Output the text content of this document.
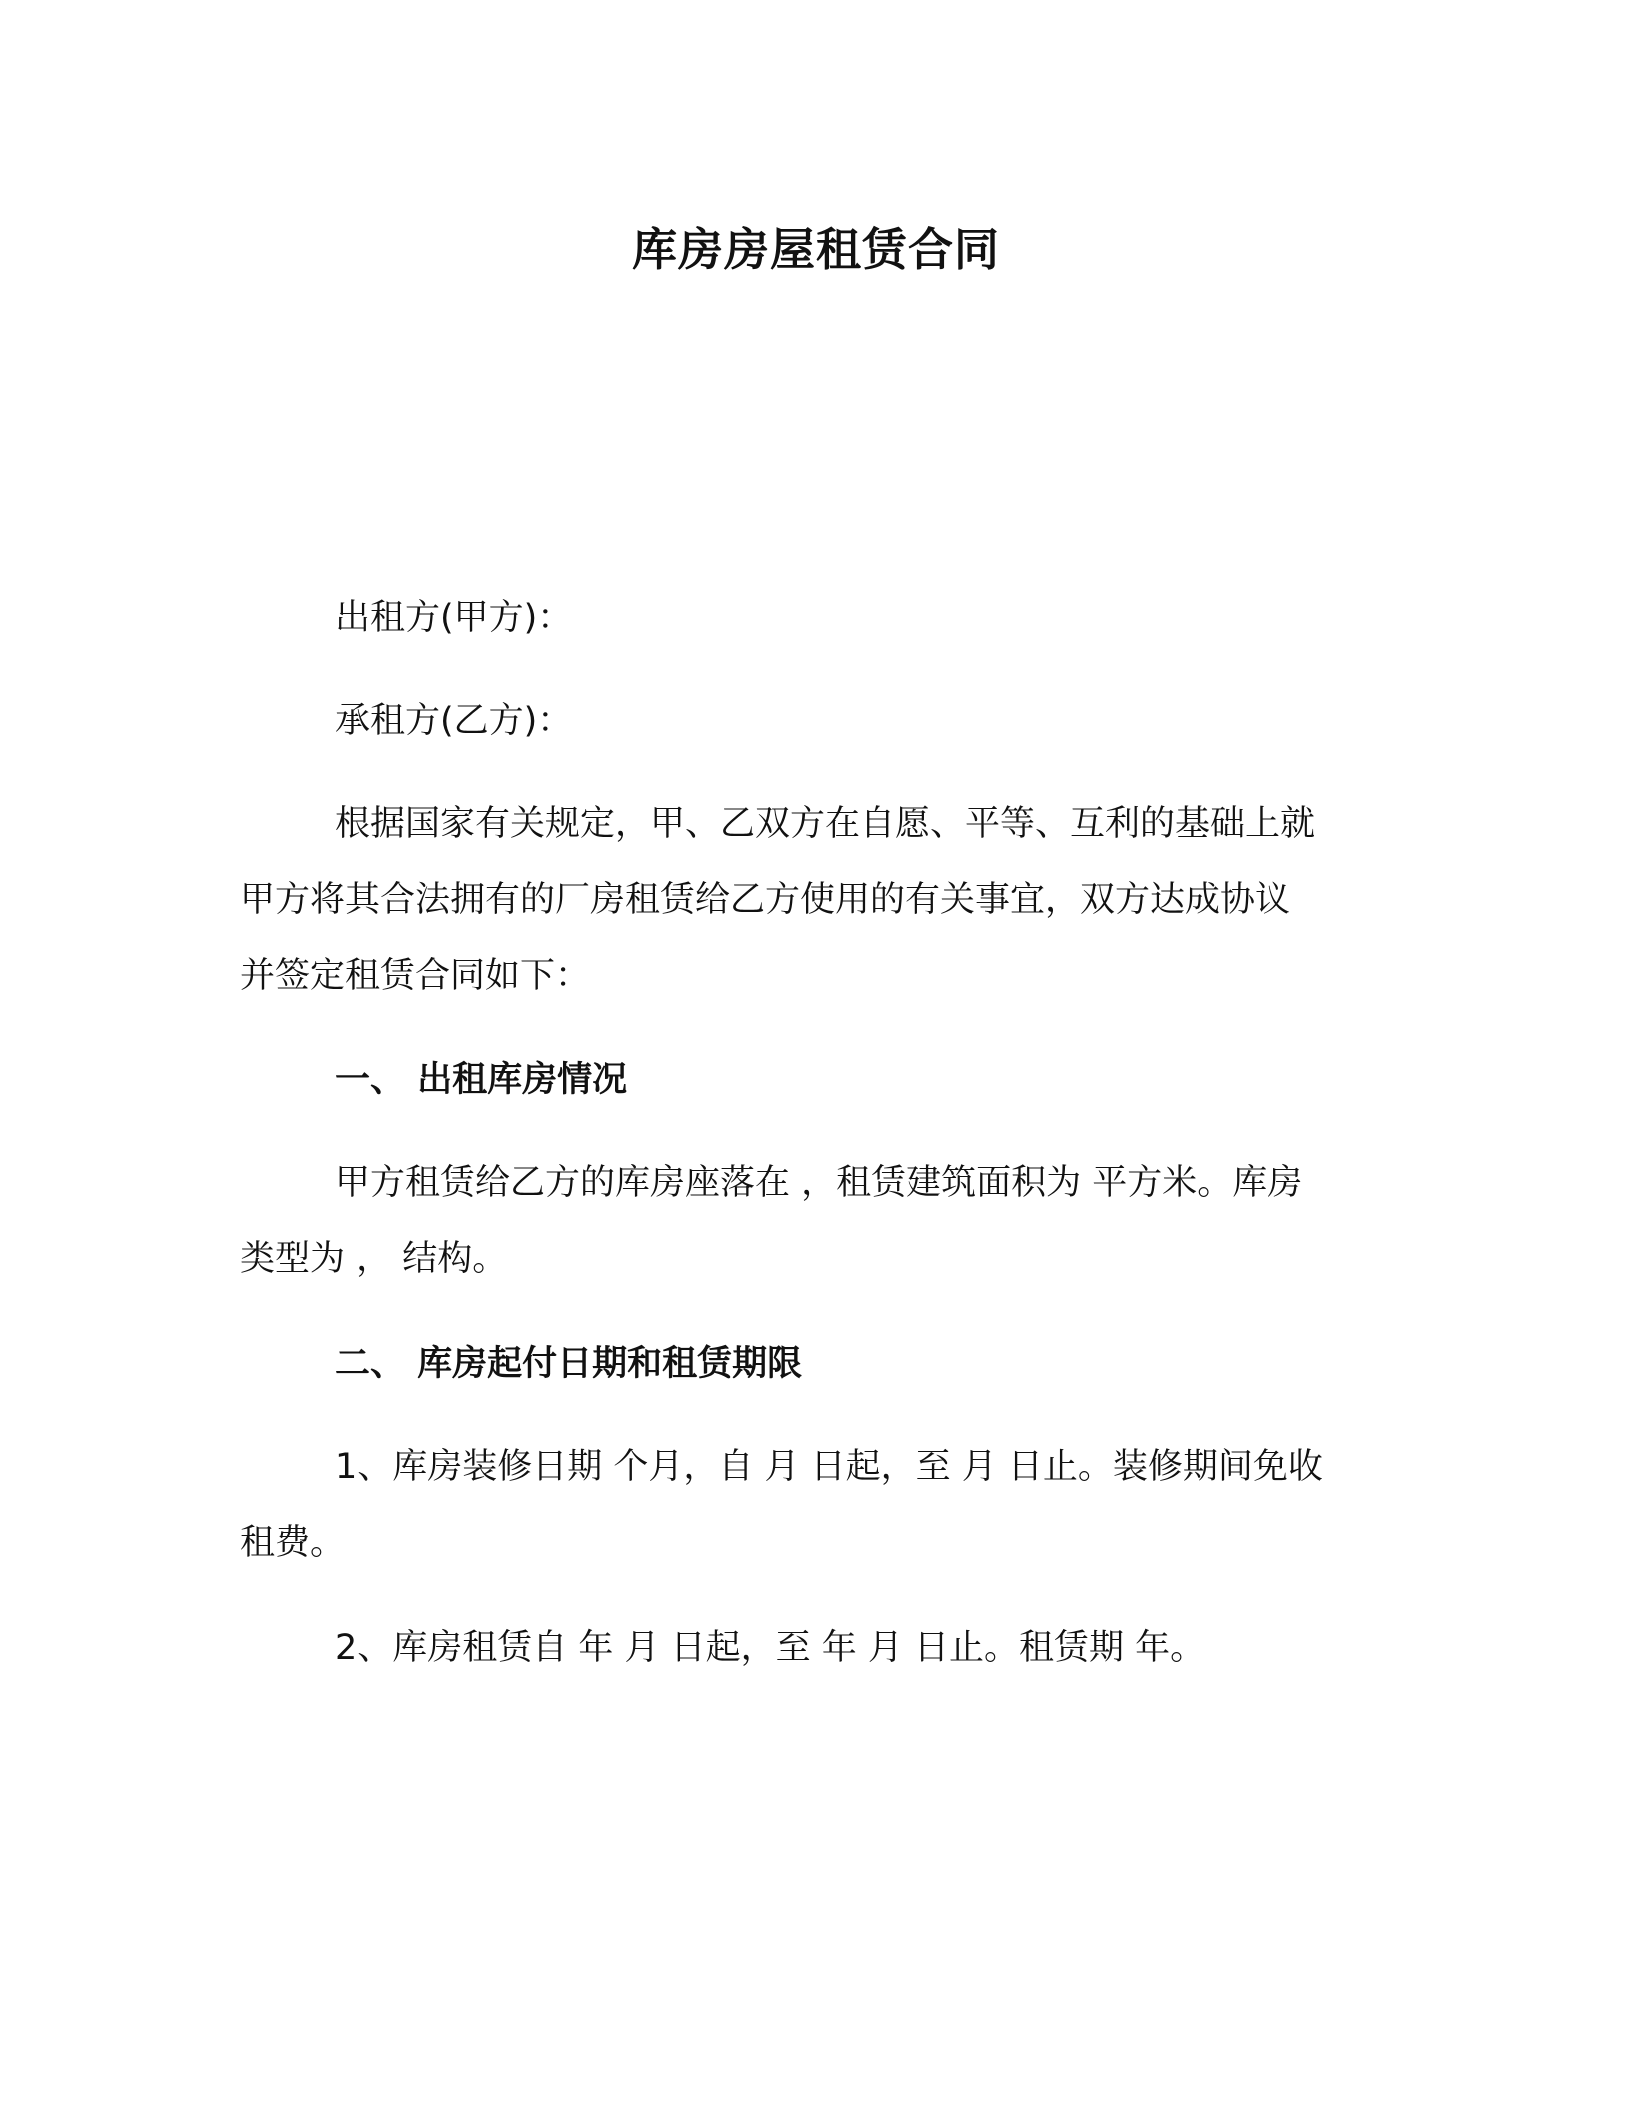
库房房屋租赁合同

出租方(甲方)：

承租方(乙方)：

根据国家有关规定，甲、乙双方在自愿、平等、互利的基础上就
甲方将其合法拥有的厂房租赁给乙方使用的有关事宜，双方达成协议
并签定租赁合同如下：

一、 出租库房情况

甲方租赁给乙方的库房座落在 ，租赁建筑面积为 平方米。库房
类型为 ， 结构。

二、 库房起付日期和租赁期限

1、库房装修日期 个月，自 月 日起，至 月 日止。装修期间免收
租费。

2、库房租赁自 年 月 日起，至 年 月 日止。租赁期 年。
